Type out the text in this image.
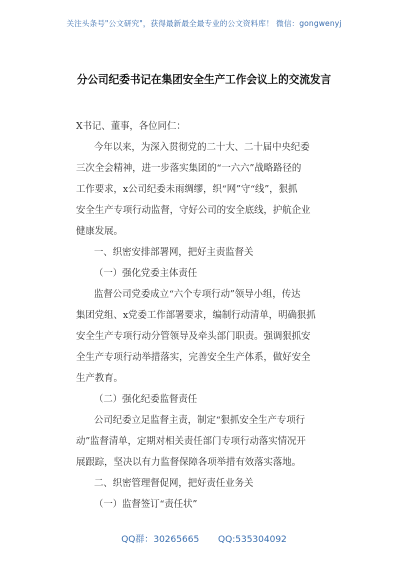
关注头条号"公文研究"，获得最新最全最专业的公文资料库！ 微信：gongwenyj
分公司纪委书记在集团安全生产工作会议上的交流发言
X书记、董事，各位同仁：
今年以来，为深入贯彻党的二十大、二十届中央纪委
三次全会精神，进一步落实集团的“一六六”战略路径的
工作要求，x公司纪委未雨绸缪，织“网”守“线”，狠抓
安全生产专项行动监督，守好公司的安全底线，护航企业
健康发展。
一、织密安排部署网，把好主责监督关
（一）强化党委主体责任
监督公司党委成立“六个专项行动”领导小组，传达
集团党组、x党委工作部署要求，编制行动清单，明确狠抓
安全生产专项行动分管领导及牵头部门职责。强调狠抓安
全生产专项行动举措落实，完善安全生产体系，做好安全
生产教育。
（二）强化纪委监督责任
公司纪委立足监督主责，制定“狠抓安全生产专项行
动”监督清单，定期对相关责任部门专项行动落实情况开
展跟踪，坚决以有力监督保障各项举措有效落实落地。
二、织密管理督促网，把好责任业务关
（一）监督签订“责任状”
QQ群：30265665 QQ:535304092
